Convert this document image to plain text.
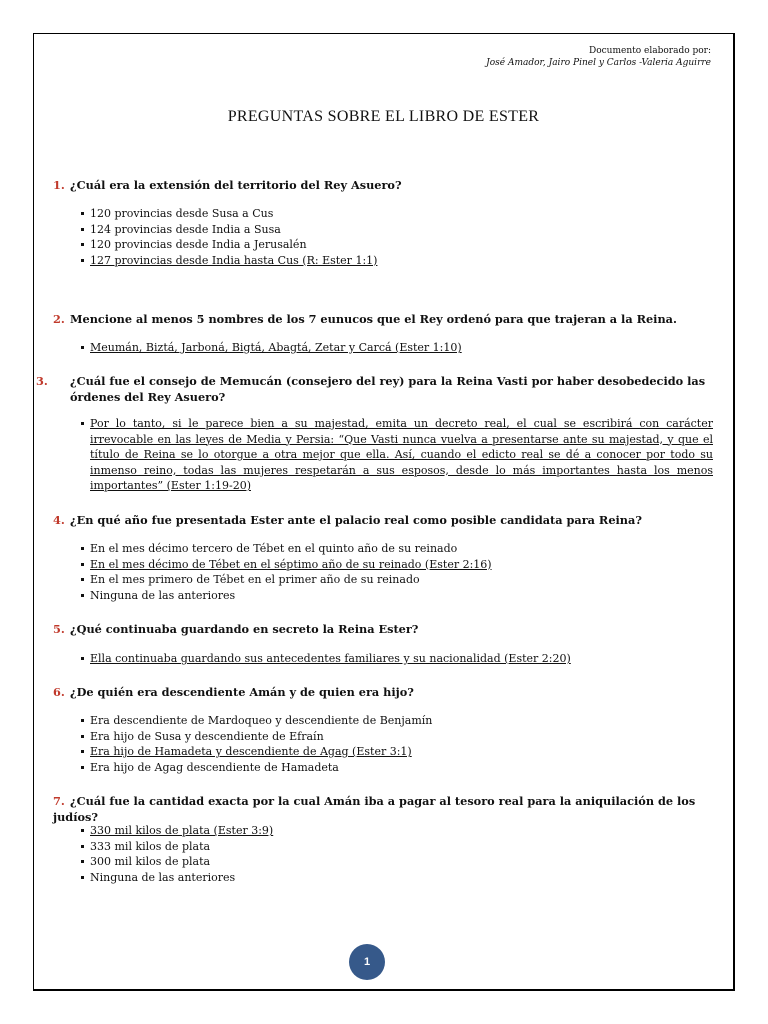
Documento elaborado por:
José Amador, Jairo Pinel y Carlos -Valeria Aguirre
PREGUNTAS SOBRE EL LIBRO DE ESTER
1. ¿Cuál era la extensión del territorio del Rey Asuero?
120 provincias desde Susa a Cus
124 provincias desde India a Susa
120 provincias desde India a Jerusalén
127 provincias desde India hasta Cus (R: Ester 1:1)
2. Mencione al menos 5 nombres de los 7 eunucos que el Rey ordenó para que trajeran a la Reina.
Meumán, Biztá, Jarboná, Bigtá, Abagtá, Zetar y Carcá (Ester 1:10)
3. ¿Cuál fue el consejo de Memucán (consejero del rey) para la Reina Vasti por haber desobedecido las órdenes del Rey Asuero?
Por lo tanto, si le parece bien a su majestad, emita un decreto real, el cual se escribirá con carácter irrevocable en las leyes de Media y Persia: “Que Vasti nunca vuelva a presentarse ante su majestad, y que el título de Reina se lo otorgue a otra mejor que ella. Así, cuando el edicto real se dé a conocer por todo su inmenso reino, todas las mujeres respetarán a sus esposos, desde lo más importantes hasta los menos importantes” (Ester 1:19-20)
4. ¿En qué año fue presentada Ester ante el palacio real como posible candidata para Reina?
En el mes décimo tercero de Tébet en el quinto año de su reinado
En el mes décimo de Tébet en el séptimo año de su reinado (Ester 2:16)
En el mes primero de Tébet en el primer año de su reinado
Ninguna de las anteriores
5. ¿Qué continuaba guardando en secreto la Reina Ester?
Ella continuaba guardando sus antecedentes familiares y su nacionalidad (Ester 2:20)
6. ¿De quién era descendiente Amán y de quien era hijo?
Era descendiente de Mardoqueo y descendiente de Benjamín
Era hijo de Susa y descendiente de Efraín
Era hijo de Hamadeta y descendiente de Agag (Ester 3:1)
Era hijo de Agag descendiente de Hamadeta
7. ¿Cuál fue la cantidad exacta por la cual Amán iba a pagar al tesoro real para la aniquilación de los judíos?
330 mil kilos de plata (Ester 3:9)
333 mil kilos de plata
300 mil kilos de plata
Ninguna de las anteriores
1
